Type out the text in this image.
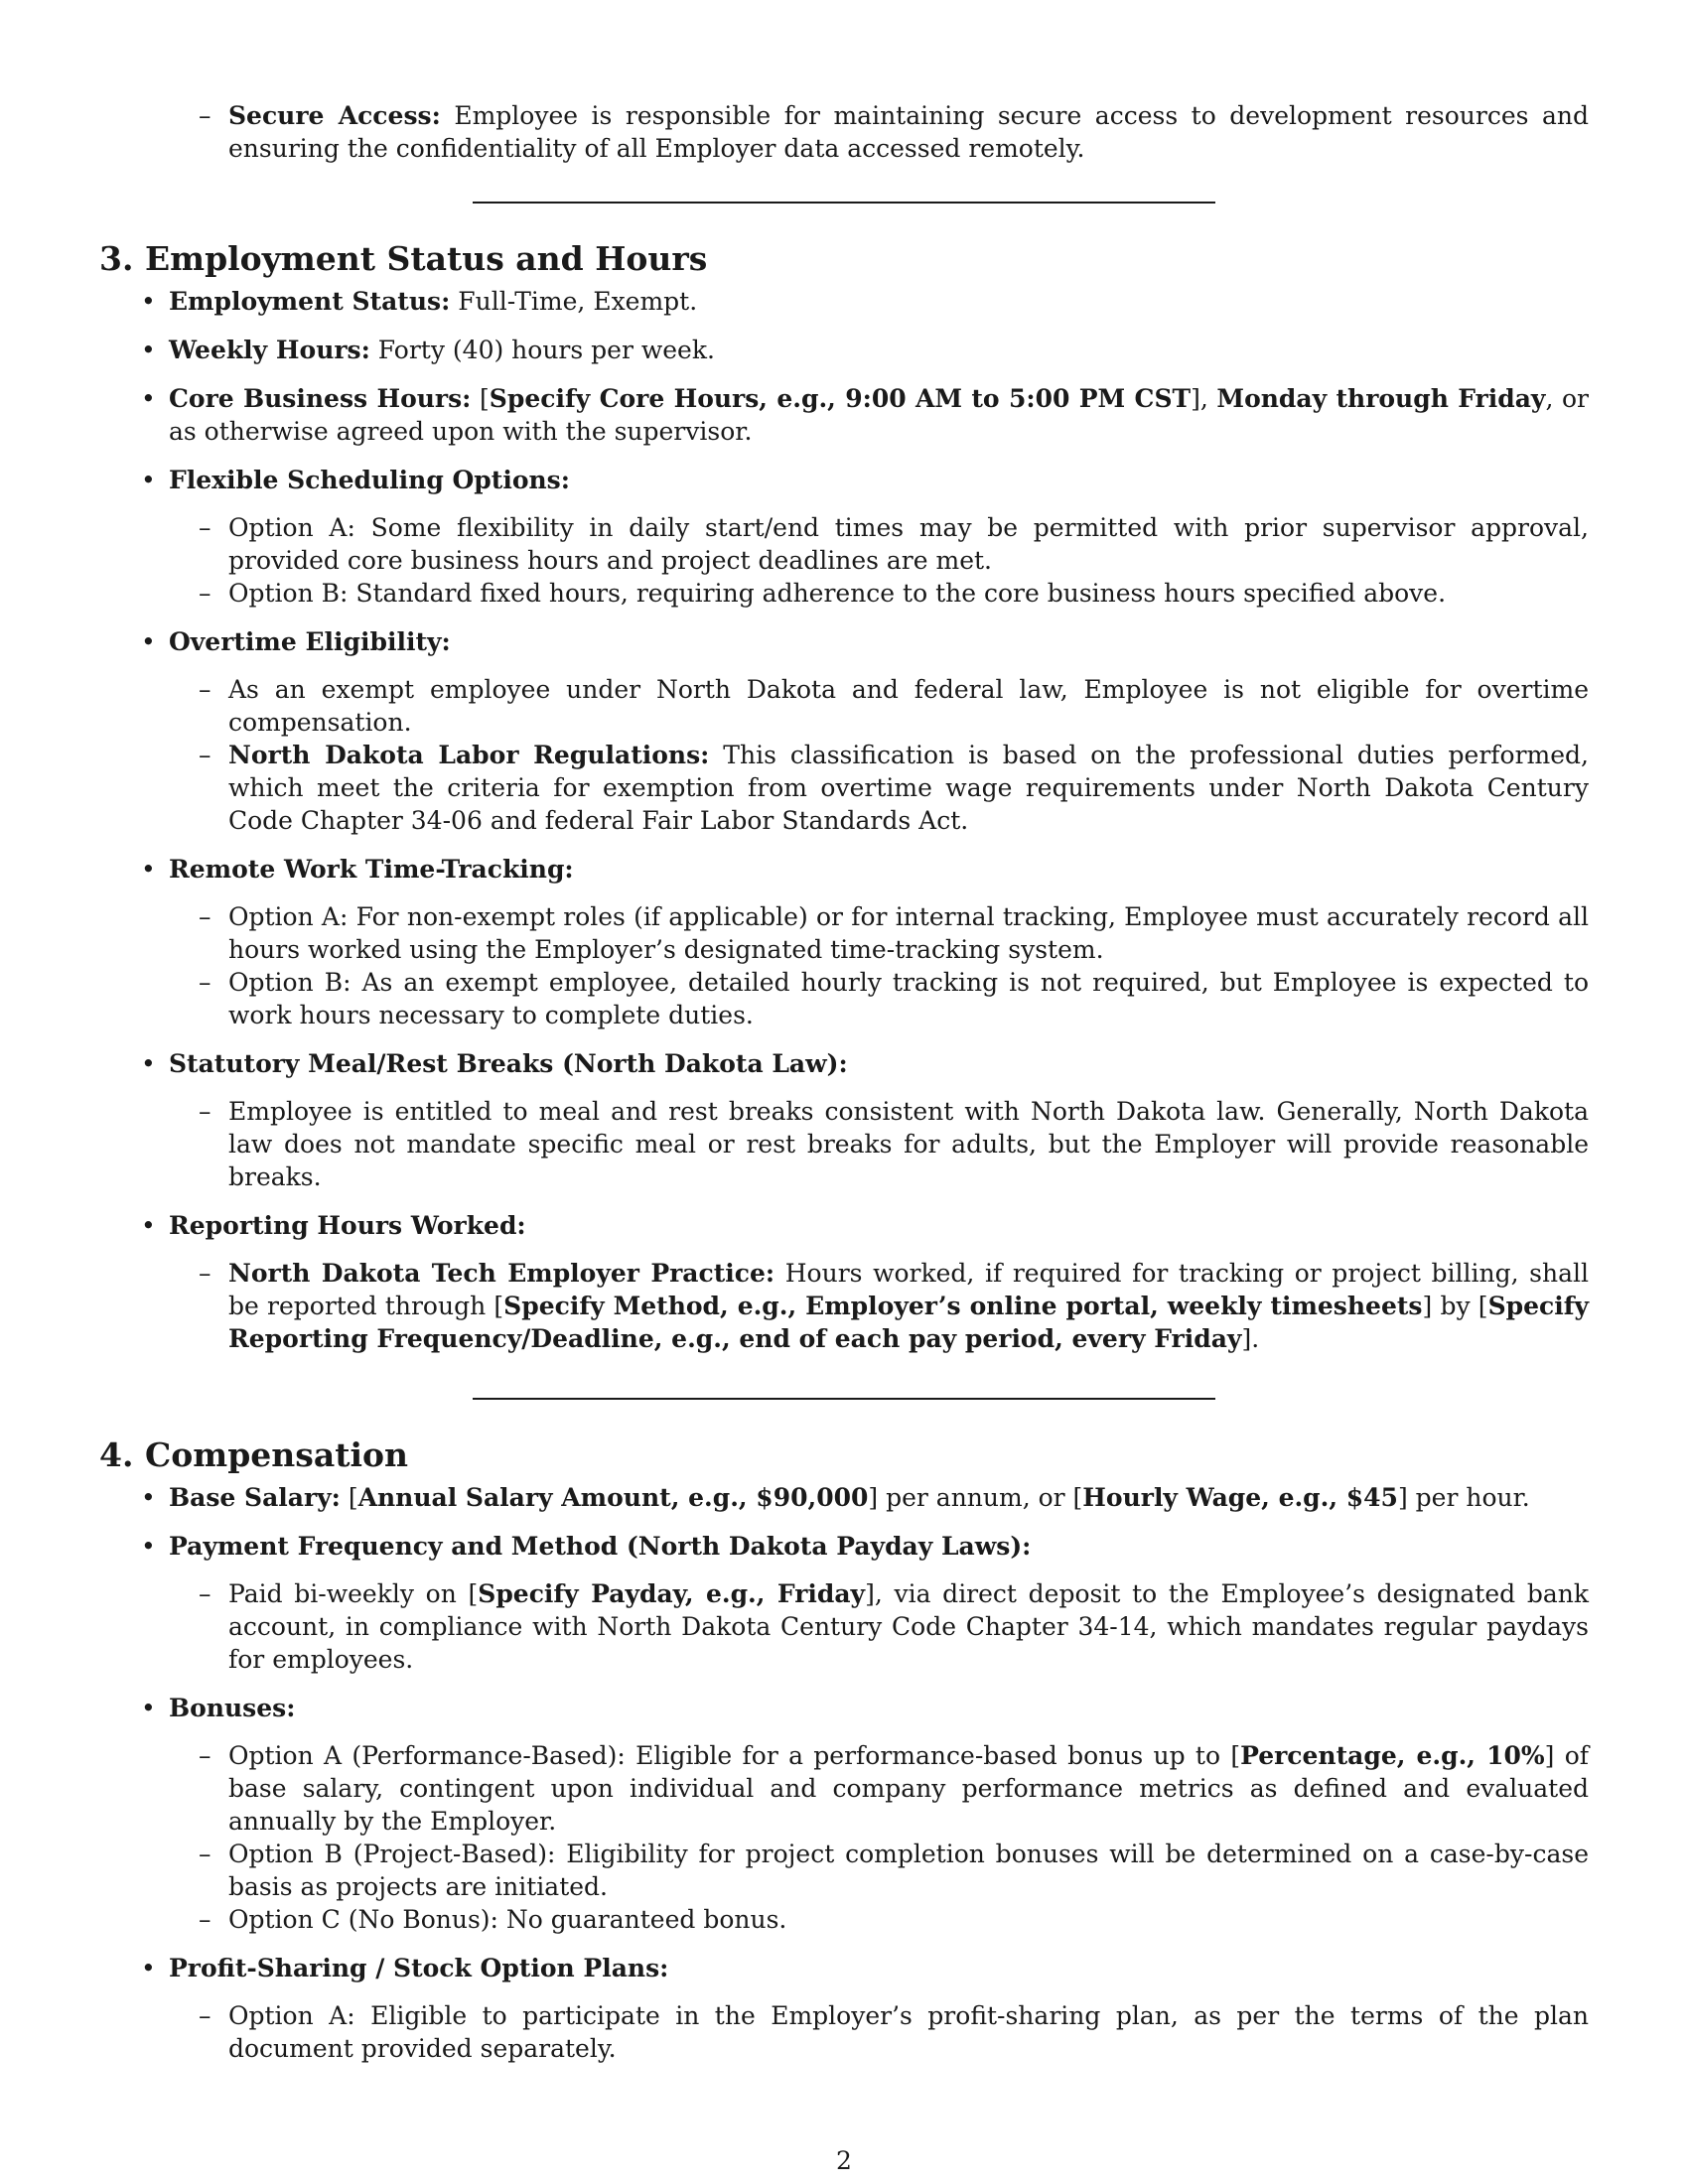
– Secure Access: Employee is responsible for maintaining secure access to development resources and ensuring the confidentiality of all Employer data accessed remotely.
3. Employment Status and Hours
• Employment Status: Full-Time, Exempt.
• Weekly Hours: Forty (40) hours per week.
• Core Business Hours: [Specify Core Hours, e.g., 9:00 AM to 5:00 PM CST], Monday through Friday, or as otherwise agreed upon with the supervisor.
• Flexible Scheduling Options:
– Option A: Some flexibility in daily start/end times may be permitted with prior supervisor approval, provided core business hours and project deadlines are met.
– Option B: Standard fixed hours, requiring adherence to the core business hours specified above.
• Overtime Eligibility:
– As an exempt employee under North Dakota and federal law, Employee is not eligible for overtime compensation.
– North Dakota Labor Regulations: This classification is based on the professional duties performed, which meet the criteria for exemption from overtime wage requirements under North Dakota Century Code Chapter 34-06 and federal Fair Labor Standards Act.
• Remote Work Time-Tracking:
– Option A: For non-exempt roles (if applicable) or for internal tracking, Employee must accurately record all hours worked using the Employer’s designated time-tracking system.
– Option B: As an exempt employee, detailed hourly tracking is not required, but Employee is expected to work hours necessary to complete duties.
• Statutory Meal/Rest Breaks (North Dakota Law):
– Employee is entitled to meal and rest breaks consistent with North Dakota law. Generally, North Dakota law does not mandate specific meal or rest breaks for adults, but the Employer will provide reasonable breaks.
• Reporting Hours Worked:
– North Dakota Tech Employer Practice: Hours worked, if required for tracking or project billing, shall be reported through [Specify Method, e.g., Employer’s online portal, weekly timesheets] by [Specify Reporting Frequency/Deadline, e.g., end of each pay period, every Friday].
4. Compensation
• Base Salary: [Annual Salary Amount, e.g., $90,000] per annum, or [Hourly Wage, e.g., $45] per hour.
• Payment Frequency and Method (North Dakota Payday Laws):
– Paid bi-weekly on [Specify Payday, e.g., Friday], via direct deposit to the Employee’s designated bank account, in compliance with North Dakota Century Code Chapter 34-14, which mandates regular paydays for employees.
• Bonuses:
– Option A (Performance-Based): Eligible for a performance-based bonus up to [Percentage, e.g., 10%] of base salary, contingent upon individual and company performance metrics as defined and evaluated annually by the Employer.
– Option B (Project-Based): Eligibility for project completion bonuses will be determined on a case-by-case basis as projects are initiated.
– Option C (No Bonus): No guaranteed bonus.
• Profit-Sharing / Stock Option Plans:
– Option A: Eligible to participate in the Employer’s profit-sharing plan, as per the terms of the plan document provided separately.
2
